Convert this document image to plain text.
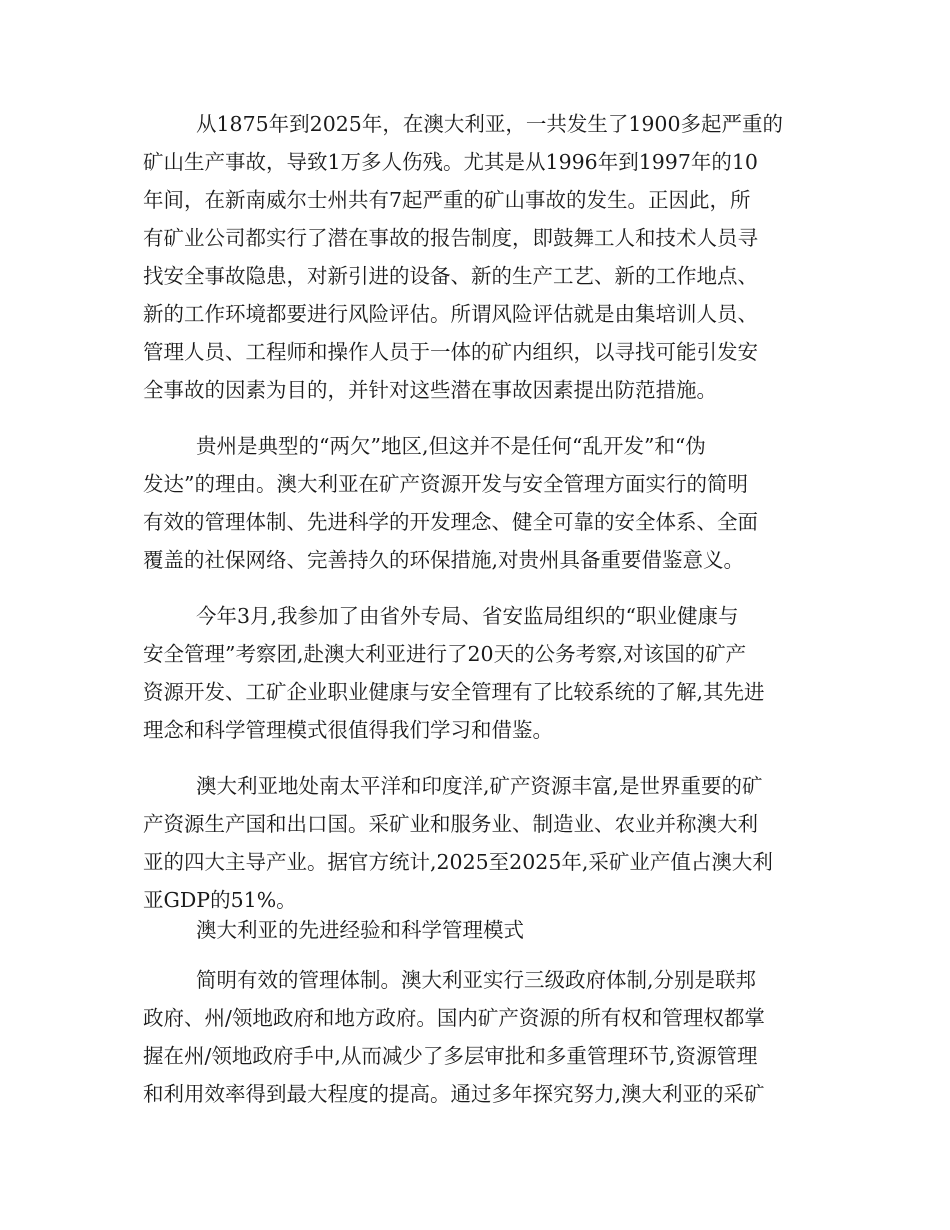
从1875年到2025年，在澳大利亚，一共发生了1900多起严重的

矿山生产事故，导致1万多人伤残。尤其是从1996年到1997年的10

年间，在新南威尔士州共有7起严重的矿山事故的发生。正因此，所

有矿业公司都实行了潜在事故的报告制度，即鼓舞工人和技术人员寻

找安全事故隐患，对新引进的设备、新的生产工艺、新的工作地点、

新的工作环境都要进行风险评估。所谓风险评估就是由集培训人员、

管理人员、工程师和操作人员于一体的矿内组织，以寻找可能引发安

全事故的因素为目的，并针对这些潜在事故因素提出防范措施。

贵州是典型的“两欠”地区,但这并不是任何“乱开发”和“伪

发达”的理由。澳大利亚在矿产资源开发与安全管理方面实行的简明

有效的管理体制、先进科学的开发理念、健全可靠的安全体系、全面

覆盖的社保网络、完善持久的环保措施,对贵州具备重要借鉴意义。

今年3月,我参加了由省外专局、省安监局组织的“职业健康与

安全管理”考察团,赴澳大利亚进行了20天的公务考察,对该国的矿产

资源开发、工矿企业职业健康与安全管理有了比较系统的了解,其先进

理念和科学管理模式很值得我们学习和借鉴。

澳大利亚地处南太平洋和印度洋,矿产资源丰富,是世界重要的矿

产资源生产国和出口国。采矿业和服务业、制造业、农业并称澳大利

亚的四大主导产业。据官方统计,2025至2025年,采矿业产值占澳大利

亚GDP的51%。

澳大利亚的先进经验和科学管理模式

简明有效的管理体制。澳大利亚实行三级政府体制,分别是联邦

政府、州/领地政府和地方政府。国内矿产资源的所有权和管理权都掌

握在州/领地政府手中,从而减少了多层审批和多重管理环节,资源管理

和利用效率得到最大程度的提高。通过多年探究努力,澳大利亚的采矿
